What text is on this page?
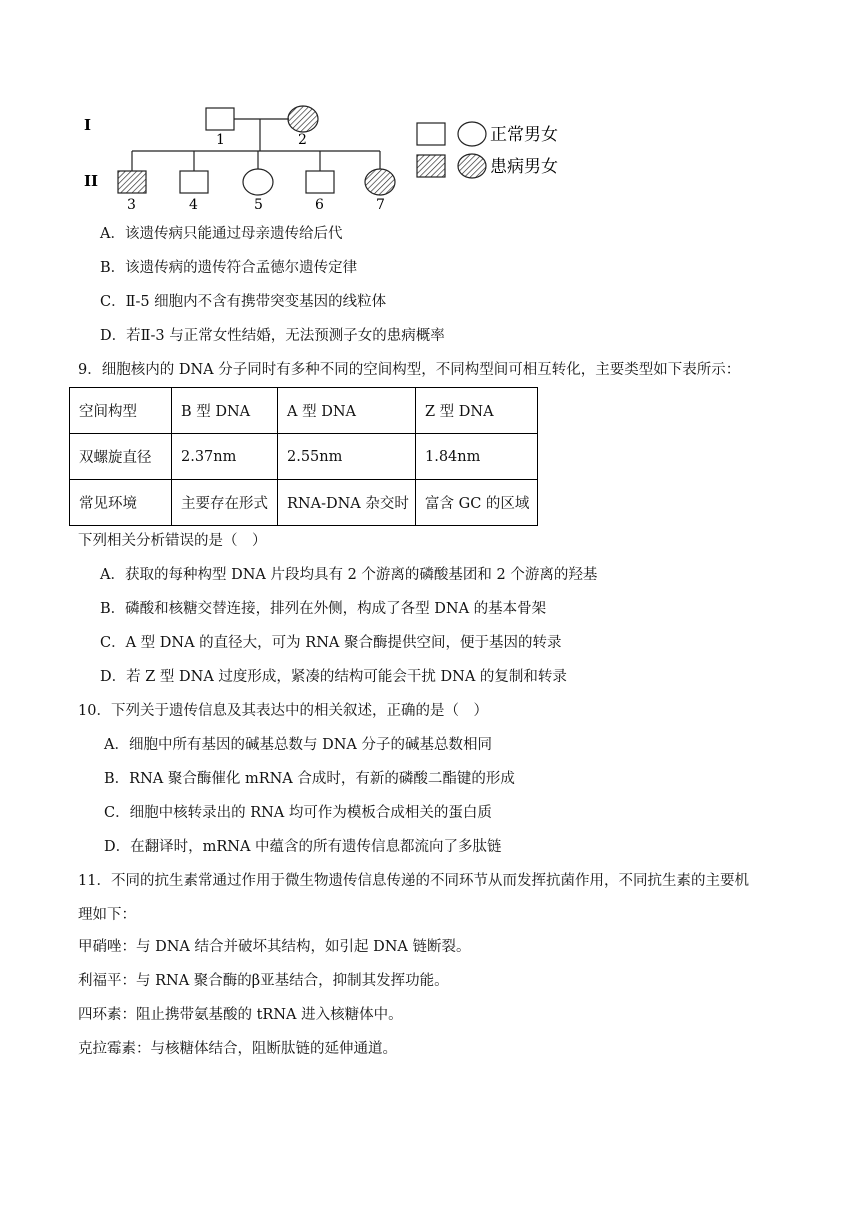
I
II
1	2
3	4	5	6	7
正常男女
患病男女
A．该遗传病只能通过母亲遗传给后代
B．该遗传病的遗传符合孟德尔遗传定律
C．Ⅱ-5 细胞内不含有携带突变基因的线粒体
D．若Ⅱ-3 与正常女性结婚，无法预测子女的患病概率
9．细胞核内的 DNA 分子同时有多种不同的空间构型，不同构型间可相互转化，主要类型如下表所示：
空间构型	B 型 DNA	A 型 DNA	Z 型 DNA
双螺旋直径	2.37nm	2.55nm	1.84nm
常见环境	主要存在形式	RNA-DNA 杂交时	富含 GC 的区域
下列相关分析错误的是（　）
A．获取的每种构型 DNA 片段均具有 2 个游离的磷酸基团和 2 个游离的羟基
B．磷酸和核糖交替连接，排列在外侧，构成了各型 DNA 的基本骨架
C．A 型 DNA 的直径大，可为 RNA 聚合酶提供空间，便于基因的转录
D．若 Z 型 DNA 过度形成，紧凑的结构可能会干扰 DNA 的复制和转录
10．下列关于遗传信息及其表达中的相关叙述，正确的是（　）
A．细胞中所有基因的碱基总数与 DNA 分子的碱基总数相同
B．RNA 聚合酶催化 mRNA 合成时，有新的磷酸二酯键的形成
C．细胞中核转录出的 RNA 均可作为模板合成相关的蛋白质
D．在翻译时，mRNA 中蕴含的所有遗传信息都流向了多肽链
11．不同的抗生素常通过作用于微生物遗传信息传递的不同环节从而发挥抗菌作用，不同抗生素的主要机
理如下：
甲硝唑：与 DNA 结合并破坏其结构，如引起 DNA 链断裂。
利福平：与 RNA 聚合酶的β亚基结合，抑制其发挥功能。
四环素：阻止携带氨基酸的 tRNA 进入核糖体中。
克拉霉素：与核糖体结合，阻断肽链的延伸通道。
